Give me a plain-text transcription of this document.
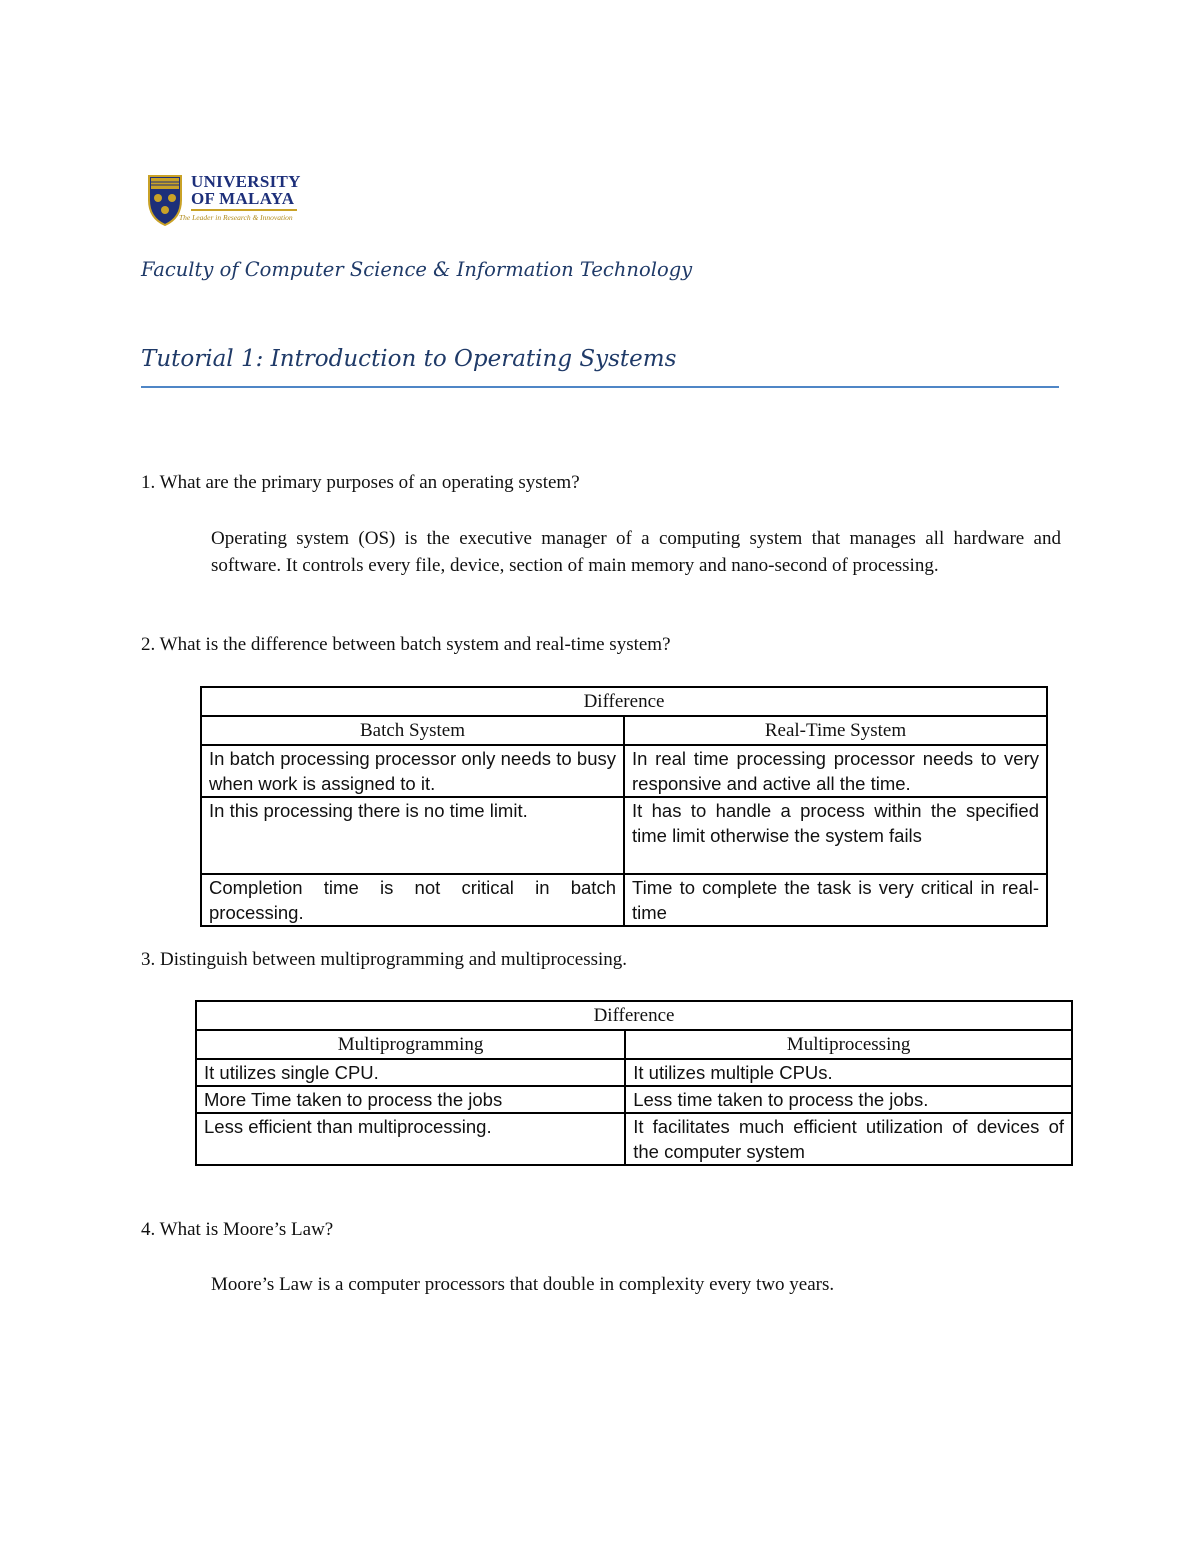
UNIVERSITY
OF MALAYA
The Leader in Research & Innovation
Faculty of Computer Science & Information Technology
Tutorial 1: Introduction to Operating Systems
1. What are the primary purposes of an operating system?

Operating system (OS) is the executive manager of a computing system that manages all hardware and software. It controls every file, device, section of main memory and nano-second of processing.

2. What is the difference between batch system and real-time system?
Difference	
Batch System	Real-Time System
In batch processing processor only needs to busy when work is assigned to it.	In real time processing processor needs to very responsive and active all the time.
In this processing there is no time limit.	It has to handle a process within the specified time limit otherwise the system fails
Completion time is not critical in batch processing.	Time to complete the task is very critical in real-time
3. Distinguish between multiprogramming and multiprocessing.
Difference	
Multiprogramming	Multiprocessing
It utilizes single CPU.	It utilizes multiple CPUs.
More Time taken to process the jobs	Less time taken to process the jobs.
Less efficient than multiprocessing.	It facilitates much efficient utilization of devices of the computer system
4. What is Moore’s Law?

Moore’s Law is a computer processors that double in complexity every two years.
